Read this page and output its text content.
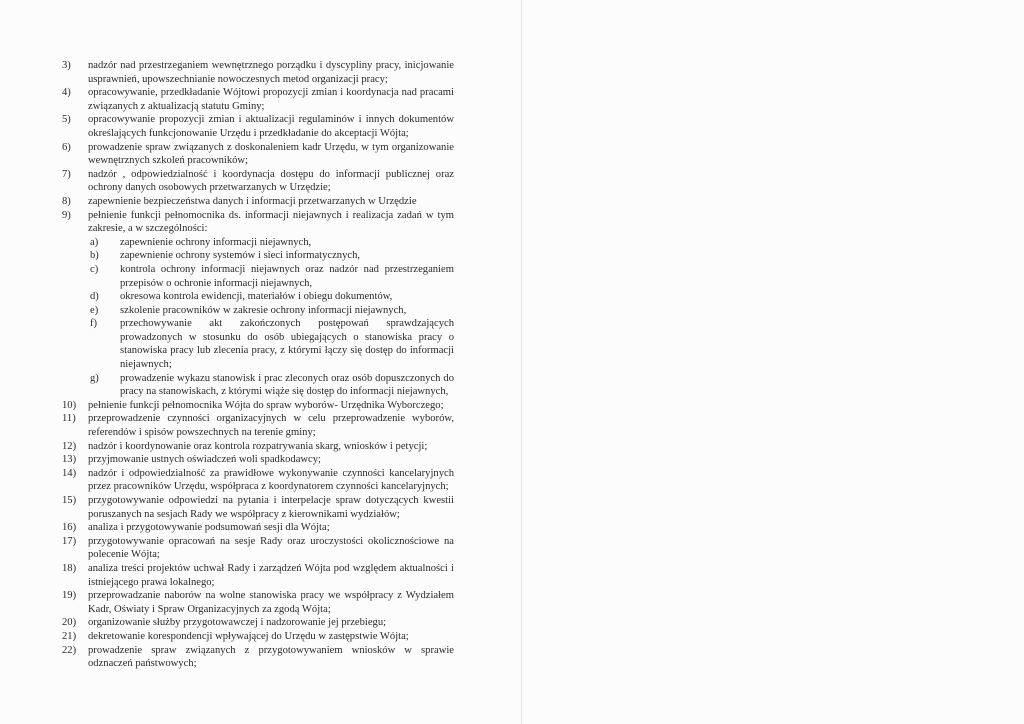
3)	nadzór nad przestrzeganiem wewnętrznego porządku i dyscypliny pracy, inicjowanie usprawnień, upowszechnianie nowoczesnych metod organizacji pracy;
4)	opracowywanie, przedkładanie Wójtowi propozycji zmian i koordynacja nad pracami związanych z aktualizacją statutu Gminy;
5)	opracowywanie propozycji zmian i aktualizacji regulaminów i innych dokumentów określających funkcjonowanie Urzędu i przedkładanie do akceptacji Wójta;
6)	prowadzenie spraw związanych z doskonaleniem kadr Urzędu, w tym organizowanie wewnętrznych szkoleń pracowników;
7)	nadzór , odpowiedzialność i koordynacja dostępu do informacji publicznej oraz ochrony danych osobowych przetwarzanych w Urzędzie;
8)	zapewnienie bezpieczeństwa danych i informacji przetwarzanych w Urzędzie
9)	pełnienie funkcji pełnomocnika ds. informacji niejawnych i realizacja zadań w tym zakresie, a w szczególności:
a)	zapewnienie ochrony informacji niejawnych,
b)	zapewnienie ochrony systemów i sieci informatycznych,
c)	kontrola ochrony informacji niejawnych oraz nadzór nad przestrzeganiem przepisów o ochronie informacji niejawnych,
d)	okresowa kontrola ewidencji, materiałów i obiegu dokumentów,
e)	szkolenie pracowników w zakresie ochrony informacji niejawnych,
f)	przechowywanie akt zakończonych postępowań sprawdzających prowadzonych w stosunku do osób ubiegających o stanowiska pracy o stanowiska pracy lub zlecenia pracy, z którymi łączy się dostęp do informacji niejawnych;
g)	prowadzenie wykazu stanowisk i prac zleconych oraz osób dopuszczonych do pracy na stanowiskach, z którymi wiąże się dostęp do informacji niejawnych,
10)	pełnienie funkcji pełnomocnika Wójta do spraw wyborów- Urzędnika Wyborczego;
11)	przeprowadzenie czynności organizacyjnych w celu przeprowadzenie wyborów, referendów i spisów powszechnych na terenie gminy;
12)	nadzór i koordynowanie oraz kontrola rozpatrywania skarg, wniosków i petycji;
13)	przyjmowanie ustnych oświadczeń woli spadkodawcy;
14)	nadzór i odpowiedzialność za prawidłowe wykonywanie czynności kancelaryjnych przez pracowników Urzędu, współpraca z koordynatorem czynności kancelaryjnych;
15)	przygotowywanie odpowiedzi na pytania i interpelacje spraw dotyczących kwestii poruszanych na sesjach Rady we współpracy z kierownikami wydziałów;
16)	analiza i przygotowywanie podsumowań sesji dla Wójta;
17)	przygotowywanie opracowań na sesje Rady oraz uroczystości okolicznościowe na polecenie Wójta;
18)	analiza treści projektów uchwał Rady i zarządzeń Wójta pod względem aktualności i istniejącego prawa lokalnego;
19)	przeprowadzanie naborów na wolne stanowiska pracy we współpracy z Wydziałem Kadr, Oświaty i Spraw Organizacyjnych za zgodą Wójta;
20)	organizowanie służby przygotowawczej i nadzorowanie jej przebiegu;
21)	dekretowanie korespondencji wpływającej do Urzędu w zastępstwie Wójta;
22)	prowadzenie spraw związanych z przygotowywaniem wniosków w sprawie odznaczeń państwowych;
